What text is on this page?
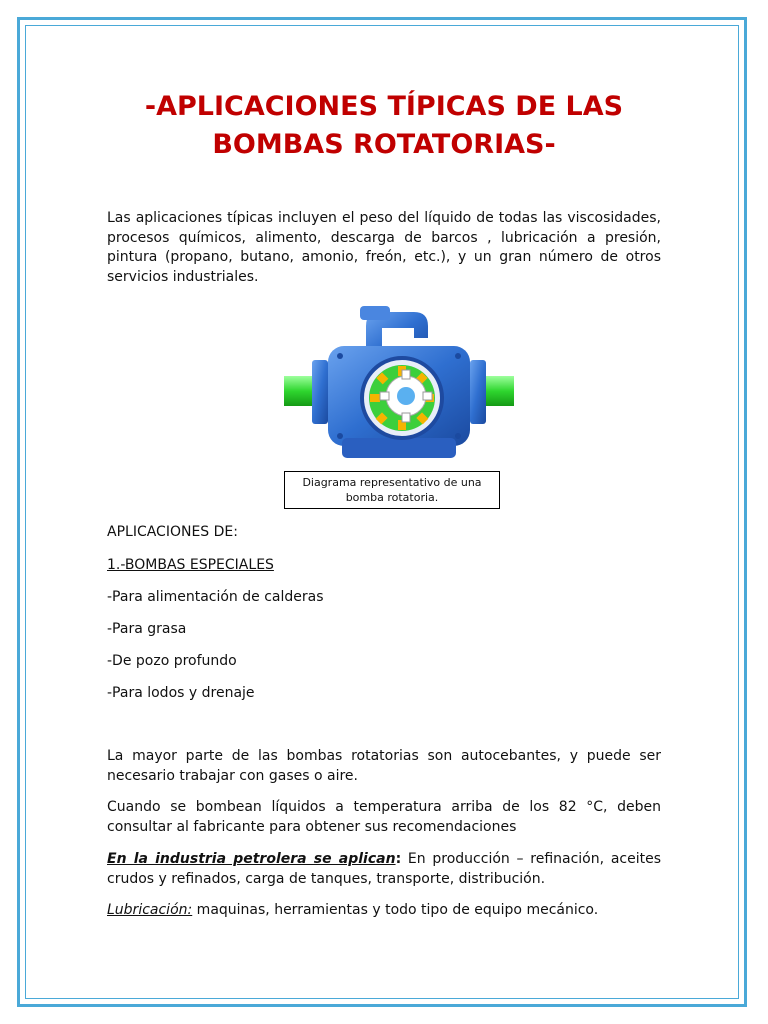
-APLICACIONES TÍPICAS DE LAS
BOMBAS ROTATORIAS-

Las aplicaciones típicas incluyen el peso del líquido de todas las viscosidades, procesos químicos, alimento, descarga de barcos , lubricación a presión, pintura (propano, butano, amonio, freón, etc.), y un gran número de otros servicios industriales.

Diagrama representativo de una
bomba rotatoria.

APLICACIONES DE:

1.-BOMBAS ESPECIALES

-Para alimentación de calderas

-Para grasa

-De pozo profundo

-Para lodos y drenaje

La mayor parte de las bombas rotatorias son autocebantes, y puede ser necesario trabajar con gases o aire.

Cuando se bombean líquidos a temperatura arriba de los 82 °C, deben consultar al fabricante para obtener sus recomendaciones

En la industria petrolera se aplican: En producción – refinación, aceites crudos y refinados, carga de tanques, transporte, distribución.

Lubricación: maquinas, herramientas y todo tipo de equipo mecánico.
